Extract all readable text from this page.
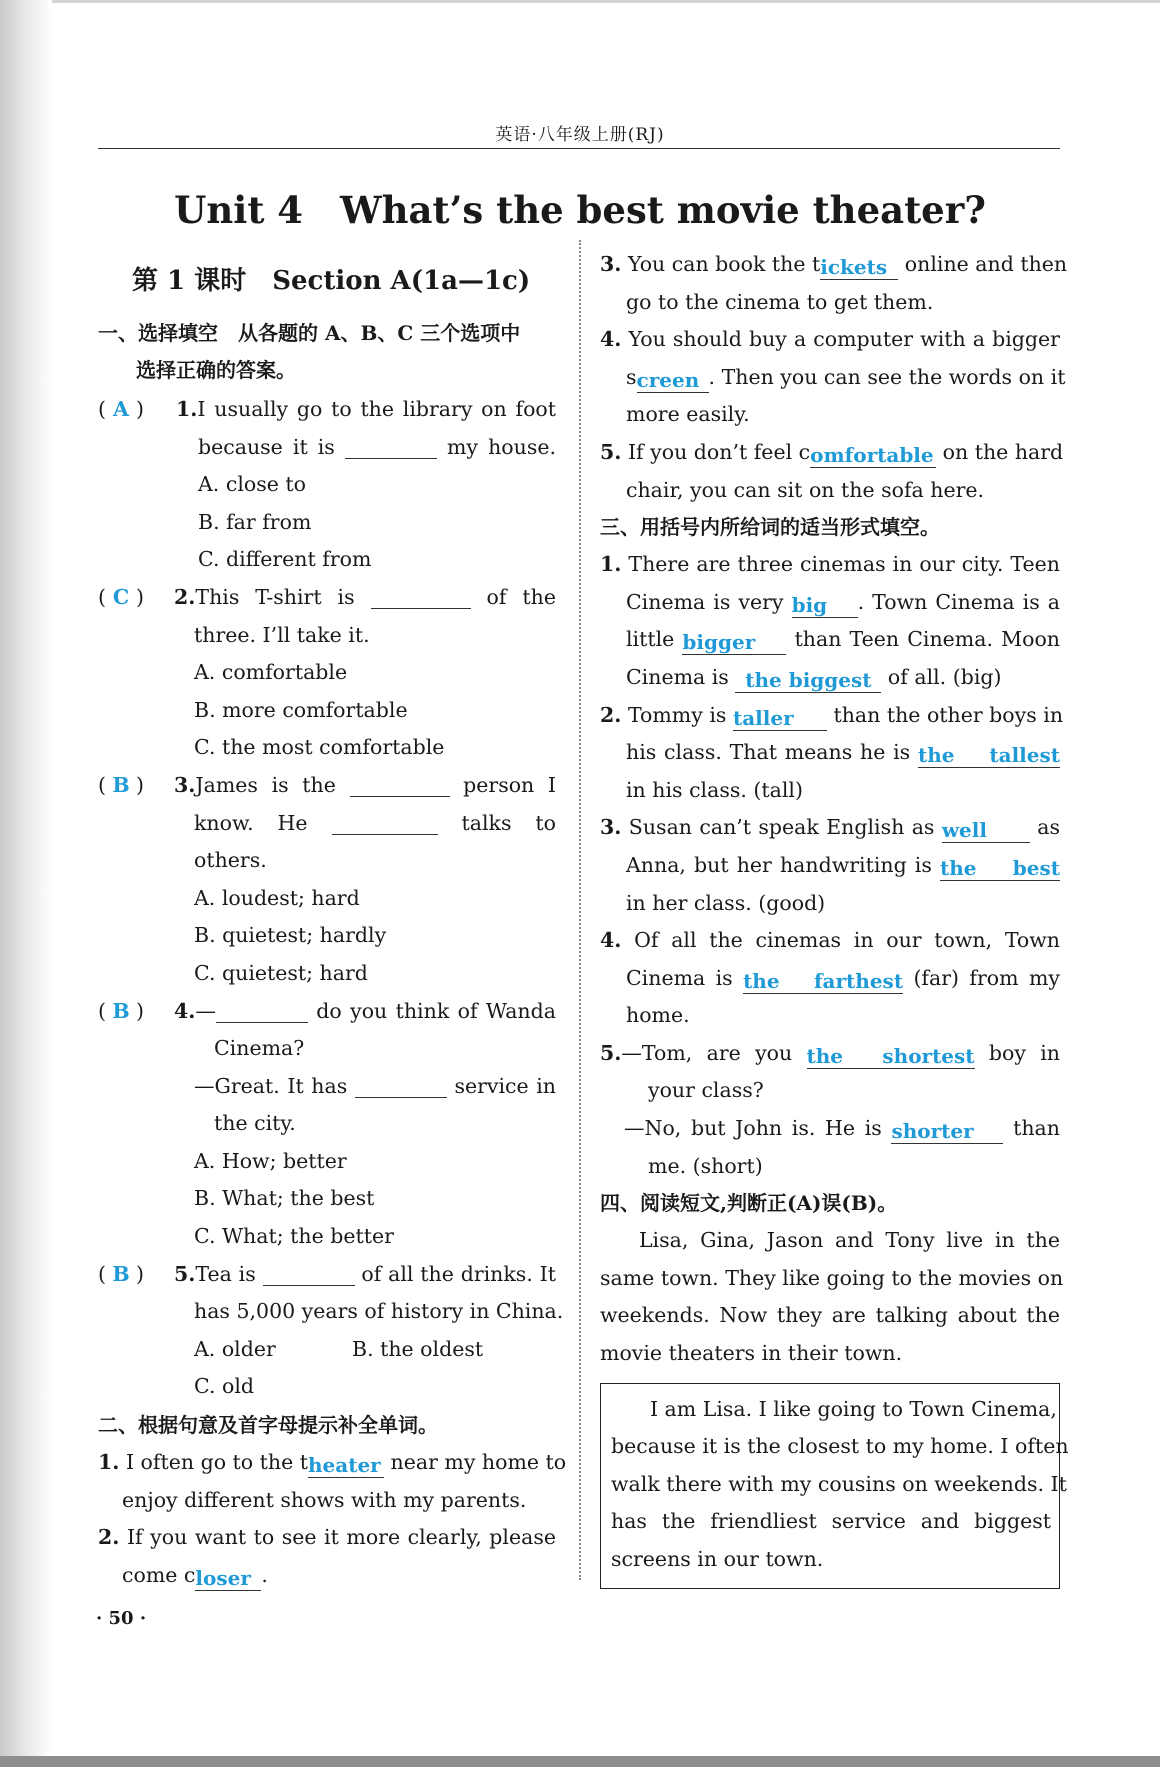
英语·八年级上册(RJ)
Unit 4　What’s the best movie theater?
第 1 课时　Section A(1a—1c)
一、选择填空　从各题的 A、B、C 三个选项中
选择正确的答案。
( A )	1.I usually go to the library on foot
because it is	my house.
A. close to
B. far from
C. different from
( C )	2.This T-shirt is	of the
three. I’ll take it.
A. comfortable
B. more comfortable
C. the most comfortable
( B )	3.James is the	person I
know. He	talks to
others.
A. loudest; hard
B. quietest; hardly
C. quietest; hard
( B )	4.—	do you think of Wanda
Cinema?
—Great. It has	service in
the city.
A. How; better
B. What; the best
C. What; the better
( B )	5.Tea is	of all the drinks. It
has 5,000 years of history in China.
A. older	B. the oldest
C. old
二、根据句意及首字母提示补全单词。
1. I often go to the theater near my home to
enjoy different shows with my parents.
2. If you want to see it more clearly, please
come closer .
3. You can book the tickets online and then
go to the cinema to get them.
4. You should buy a computer with a bigger
screen . Then you can see the words on it
more easily.
5. If you don’t feel comfortable on the hard
chair, you can sit on the sofa here.
三、用括号内所给词的适当形式填空。
1. There are three cinemas in our city. Teen
Cinema is very big . Town Cinema is a
little bigger than Teen Cinema. Moon
Cinema is the biggest of all. (big)
2. Tommy is taller than the other boys in
his class. That means he is the tallest
in his class. (tall)
3. Susan can’t speak English as well as
Anna, but her handwriting is the best
in her class. (good)
4. Of all the cinemas in our town, Town
Cinema is the farthest (far) from my
home.
5.—Tom, are you the shortest boy in
your class?
—No, but John is. He is shorter than
me. (short)
四、阅读短文,判断正(A)误(B)。
Lisa, Gina, Jason and Tony live in the
same town. They like going to the movies on
weekends. Now they are talking about the
movie theaters in their town.
I am Lisa. I like going to Town Cinema,
because it is the closest to my home. I often
walk there with my cousins on weekends. It
has the friendliest service and biggest
screens in our town.
· 50 ·
